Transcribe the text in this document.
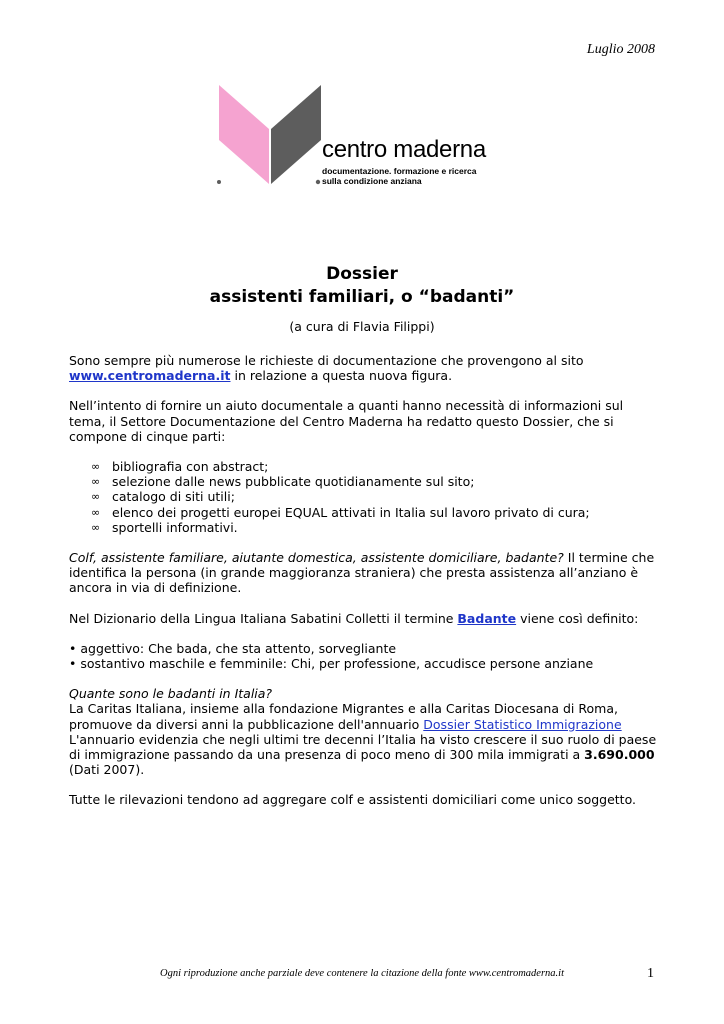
Luglio 2008
centro maderna
documentazione. formazione e ricerca
sulla condizione anziana
Dossier
assistenti familiari, o “badanti”
(a cura di Flavia Filippi)

Sono sempre più numerose le richieste di documentazione che provengono al sito
www.centromaderna.it in relazione a questa nuova figura.

Nell’intento di fornire un aiuto documentale a quanti hanno necessità di informazioni sul tema, il Settore Documentazione del Centro Maderna ha redatto questo Dossier, che si compone di cinque parti:

∞ bibliografia con abstract;
∞ selezione dalle news pubblicate quotidianamente sul sito;
∞ catalogo di siti utili;
∞ elenco dei progetti europei EQUAL attivati in Italia sul lavoro privato di cura;
∞ sportelli informativi.

Colf, assistente familiare, aiutante domestica, assistente domiciliare, badante? Il termine che identifica la persona (in grande maggioranza straniera) che presta assistenza all’anziano è ancora in via di definizione.

Nel Dizionario della Lingua Italiana Sabatini Colletti il termine Badante viene così definito:

• aggettivo: Che bada, che sta attento, sorvegliante
• sostantivo maschile e femminile: Chi, per professione, accudisce persone anziane

Quante sono le badanti in Italia?
La Caritas Italiana, insieme alla fondazione Migrantes e alla Caritas Diocesana di Roma, promuove da diversi anni la pubblicazione dell'annuario Dossier Statistico Immigrazione
L'annuario evidenzia che negli ultimi tre decenni l’Italia ha visto crescere il suo ruolo di paese di immigrazione passando da una presenza di poco meno di 300 mila immigrati a 3.690.000
(Dati 2007).

Tutte le rilevazioni tendono ad aggregare colf e assistenti domiciliari come unico soggetto.

Ogni riproduzione anche parziale deve contenere la citazione della fonte www.centromaderna.it	1
